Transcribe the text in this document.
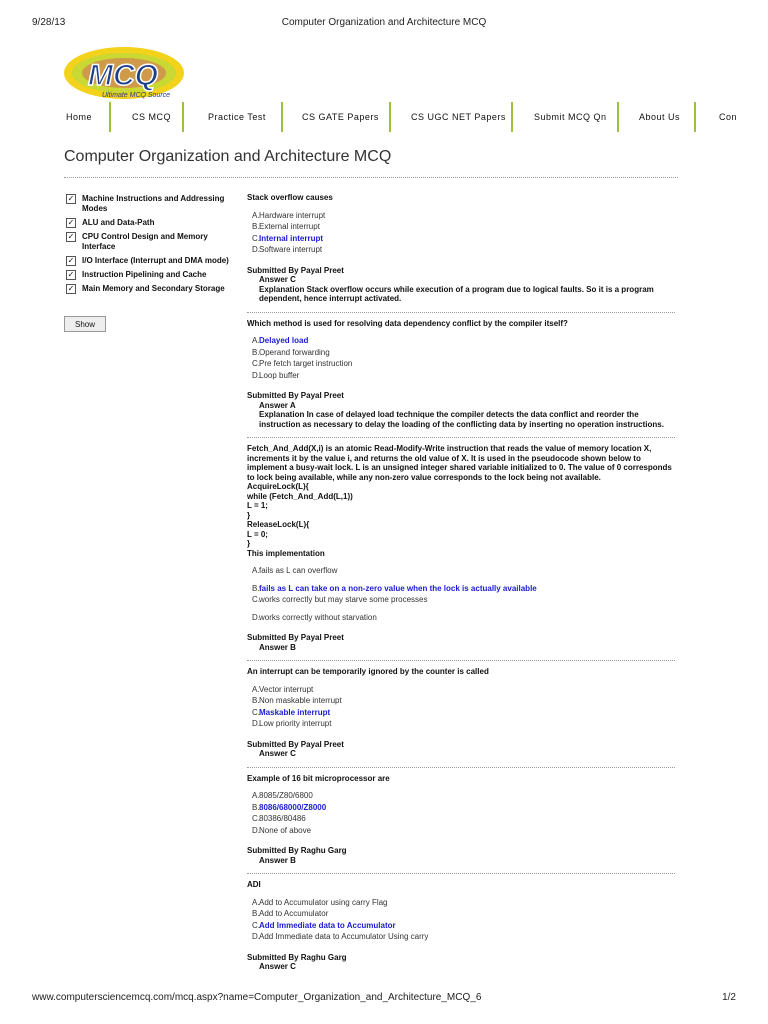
9/28/13	Computer Organization and Architecture MCQ
MCQ
Ultimate MCQ Source
Home	CS MCQ	Practice Test	CS GATE Papers	CS UGC NET Papers	Submit MCQ Qn	About Us	Con
Computer Organization and Architecture MCQ
✓ Machine Instructions and Addressing Modes
✓ ALU and Data-Path
✓ CPU Control Design and Memory Interface
✓ I/O Interface (Interrupt and DMA mode)
✓ Instruction Pipelining and Cache
✓ Main Memory and Secondary Storage
Show
Stack overflow causes
A. Hardware interrupt
B. External interrupt
C. Internal interrupt
D. Software interrupt
Submitted By Payal Preet
Answer C
Explanation Stack overflow occurs while execution of a program due to logical faults. So it is a program dependent, hence interrupt activated.
Which method is used for resolving data dependency conflict by the compiler itself?
A. Delayed load
B. Operand forwarding
C. Pre fetch target instruction
D. Loop buffer
Submitted By Payal Preet
Answer A
Explanation In case of delayed load technique the compiler detects the data conflict and reorder the instruction as necessary to delay the loading of the conflicting data by inserting no operation instructions.
Fetch_And_Add(X,i) is an atomic Read-Modify-Write instruction that reads the value of memory location X, increments it by the value i, and returns the old value of X. It is used in the pseudocode shown below to implement a busy-wait lock. L is an unsigned integer shared variable initialized to 0. The value of 0 corresponds to lock being available, while any non-zero value corresponds to the lock being not available.
AcquireLock(L){
while (Fetch_And_Add(L,1))
L = 1;
}
ReleaseLock(L){
L = 0;
}
This implementation
A. fails as L can overflow
B. fails as L can take on a non-zero value when the lock is actually available
C. works correctly but may starve some processes
D. works correctly without starvation
Submitted By Payal Preet
Answer B
An interrupt can be temporarily ignored by the counter is called
A. Vector interrupt
B. Non maskable interrupt
C. Maskable interrupt
D. Low priority interrupt
Submitted By Payal Preet
Answer C
Example of 16 bit microprocessor are
A. 8085/Z80/6800
B. 8086/68000/Z8000
C. 80386/80486
D. None of above
Submitted By Raghu Garg
Answer B
ADI
A. Add to Accumulator using carry Flag
B. Add to Accumulator
C. Add Immediate data to Accumulator
D. Add Immediate data to Accumulator Using carry
Submitted By Raghu Garg
Answer C
www.computersciencemcq.com/mcq.aspx?name=Computer_Organization_and_Architecture_MCQ_6	1/2
